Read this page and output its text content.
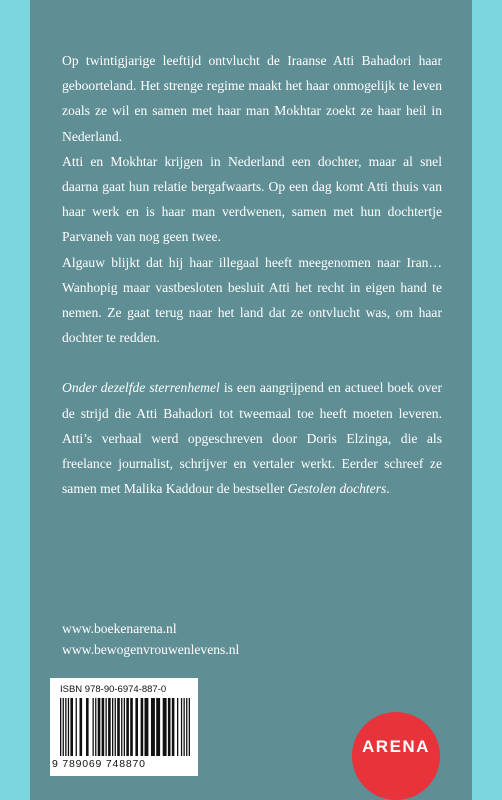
Op twintigjarige leeftijd ontvlucht de Iraanse Atti Bahadori haar geboorteland. Het strenge regime maakt het haar onmogelijk te leven zoals ze wil en samen met haar man Mokhtar zoekt ze haar heil in Nederland.

Atti en Mokhtar krijgen in Nederland een dochter, maar al snel daarna gaat hun relatie bergafwaarts. Op een dag komt Atti thuis van haar werk en is haar man verdwenen, samen met hun dochtertje Parvaneh van nog geen twee.

Algauw blijkt dat hij haar illegaal heeft meegenomen naar Iran… Wanhopig maar vastbesloten besluit Atti het recht in eigen hand te nemen. Ze gaat terug naar het land dat ze ontvlucht was, om haar dochter te redden.

Onder dezelfde sterrenhemel is een aangrijpend en actueel boek over de strijd die Atti Bahadori tot tweemaal toe heeft moeten leveren. Atti’s verhaal werd opgeschreven door Doris Elzinga, die als freelance journalist, schrijver en vertaler werkt. Eerder schreef ze samen met Malika Kaddour de bestseller Gestolen dochters.

www.boekenarena.nl
www.bewogenvrouwenlevens.nl
ISBN 978-90-6974-887-0
9 789069 748870
ARENA
